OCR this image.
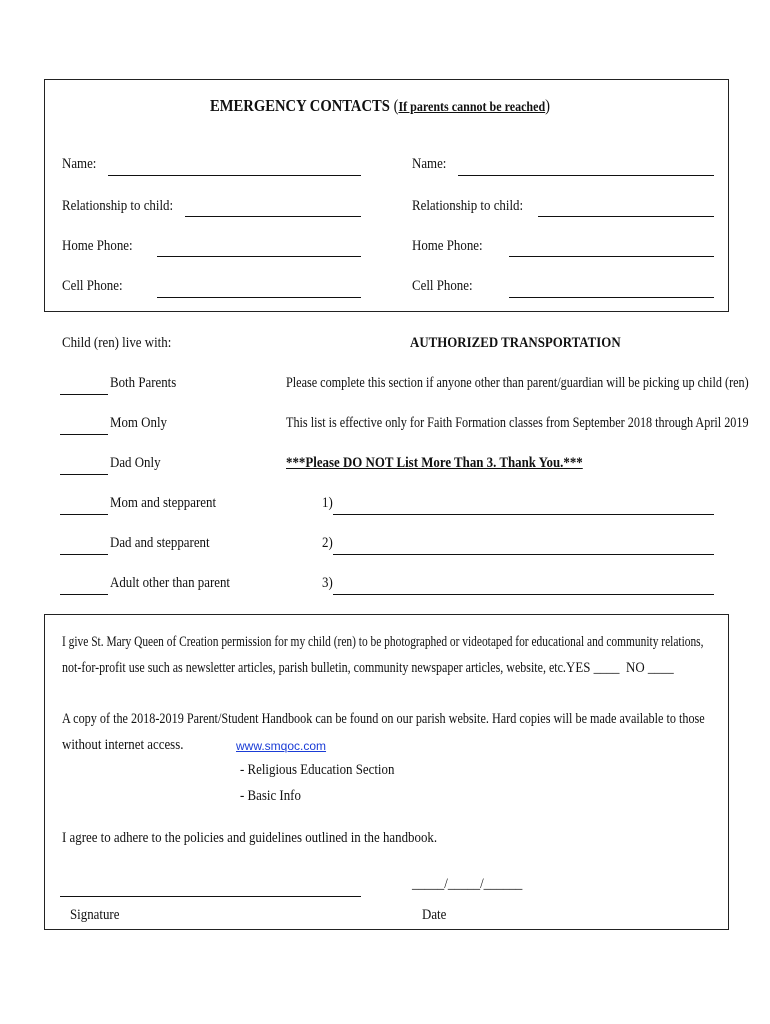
EMERGENCY CONTACTS (If parents cannot be reached)
Name:
Relationship to child:
Home Phone:
Cell Phone:
Name:
Relationship to child:
Home Phone:
Cell Phone:
Child (ren) live with:
Both Parents
Mom Only
Dad Only
Mom and stepparent
Dad and stepparent
Adult other than parent
AUTHORIZED TRANSPORTATION
Please complete this section if anyone other than parent/guardian will be picking up child (ren)
This list is effective only for Faith Formation classes from September 2018 through April 2019
***Please DO NOT List More Than 3. Thank You.***
1)
2)
3)
I give St. Mary Queen of Creation permission for my child (ren) to be photographed or videotaped for educational and community relations,
not-for-profit use such as newsletter articles, parish bulletin, community newspaper articles, website, etc. YES ____ NO ____
A copy of the 2018-2019 Parent/Student Handbook can be found on our parish website. Hard copies will be made available to those
without internet access.	www.smqoc.com
- Religious Education Section
- Basic Info
I agree to adhere to the policies and guidelines outlined in the handbook.
_____/_____/______
Signature	Date
